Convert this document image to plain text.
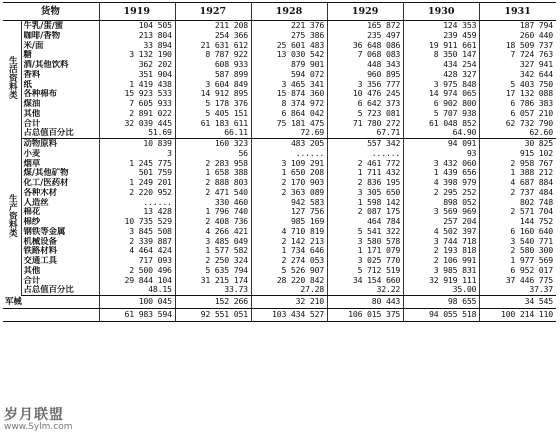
货物		1919	1927	1928	1929	1930	1931
生活资料类	牛乳/蛋/蜜	104 505	211 208	221 376	165 872	124 353	187 794
	咖啡/香物	213 804	254 366	275 386	235 497	239 459	260 440
	米/面	33 894	21 631 612	25 601 483	36 648 086	19 911 661	18 509 737
	糖	3 132 190	8 787 922	13 030 542	7 068 083	8 350 147	7 724 763
	酒/其他饮料	362 202	608 933	879 901	448 343	434 254	327 941
	香料	351 904	587 899	594 072	960 895	428 327	342 644
	纸	1 419 438	3 604 849	3 465 341	3 356 777	3 975 848	5 403 750
	各种棉布	15 923 533	14 912 895	15 874 360	10 476 245	14 974 065	17 132 088
	煤油	7 605 933	5 178 376	8 374 972	6 642 373	6 902 800	6 786 383
	其他	2 891 022	5 405 151	6 864 042	5 723 081	5 707 938	6 057 210
	合计	32 039 445	61 183 611	75 181 475	71 780 272	61 048 852	62 732 790
	占总值百分比	51.69	66.11	72.69	67.71	64.90	62.60
生产资料类	动物原料	10 839	160 323	483 205	557 342	94 091	30 825
	小麦	3	56	......	......	93	915 102
	烟草	1 245 775	2 283 958	3 109 291	2 461 772	3 432 060	2 958 767
	煤/其他矿物	501 759	1 658 388	1 650 208	1 711 432	1 439 656	1 388 212
	化工/医药材	1 249 201	2 888 803	2 170 903	2 836 195	4 398 979	4 687 884
	各种木材	2 220 952	2 471 540	2 363 089	3 305 650	2 295 252	2 737 484
	人造丝	......	330 460	942 583	1 598 142	898 052	802 748
	棉花	13 428	1 796 740	127 756	2 087 175	3 569 969	2 571 704
	棉纱	10 735 529	2 408 736	985 169	464 784	257 204	144 752
	钢铁等金属	3 845 508	4 266 421	4 710 819	5 541 322	4 502 397	6 160 640
	机械设备	2 339 887	3 485 049	2 142 213	3 580 578	3 744 718	3 540 771
	铁路材料	4 464 424	1 577 582	1 734 646	1 171 079	2 193 818	2 580 300
	交通工具	717 093	2 250 324	2 274 053	3 025 770	2 106 991	1 977 569
	其他	2 500 496	5 635 794	5 526 907	5 712 519	3 985 831	6 952 017
	合计	29 844 104	31 215 174	28 220 842	34 154 660	32 919 111	37 446 775
	占总值百分比	48.15	33.73	27.28	32.22	35.00	37.37
军械		100 045	152 266	32 210	80 443	98 655	34 545
		61 983 594	92 551 051	103 434 527	106 015 375	94 055 518	100 214 110
岁月联盟
www.Sylm.com
